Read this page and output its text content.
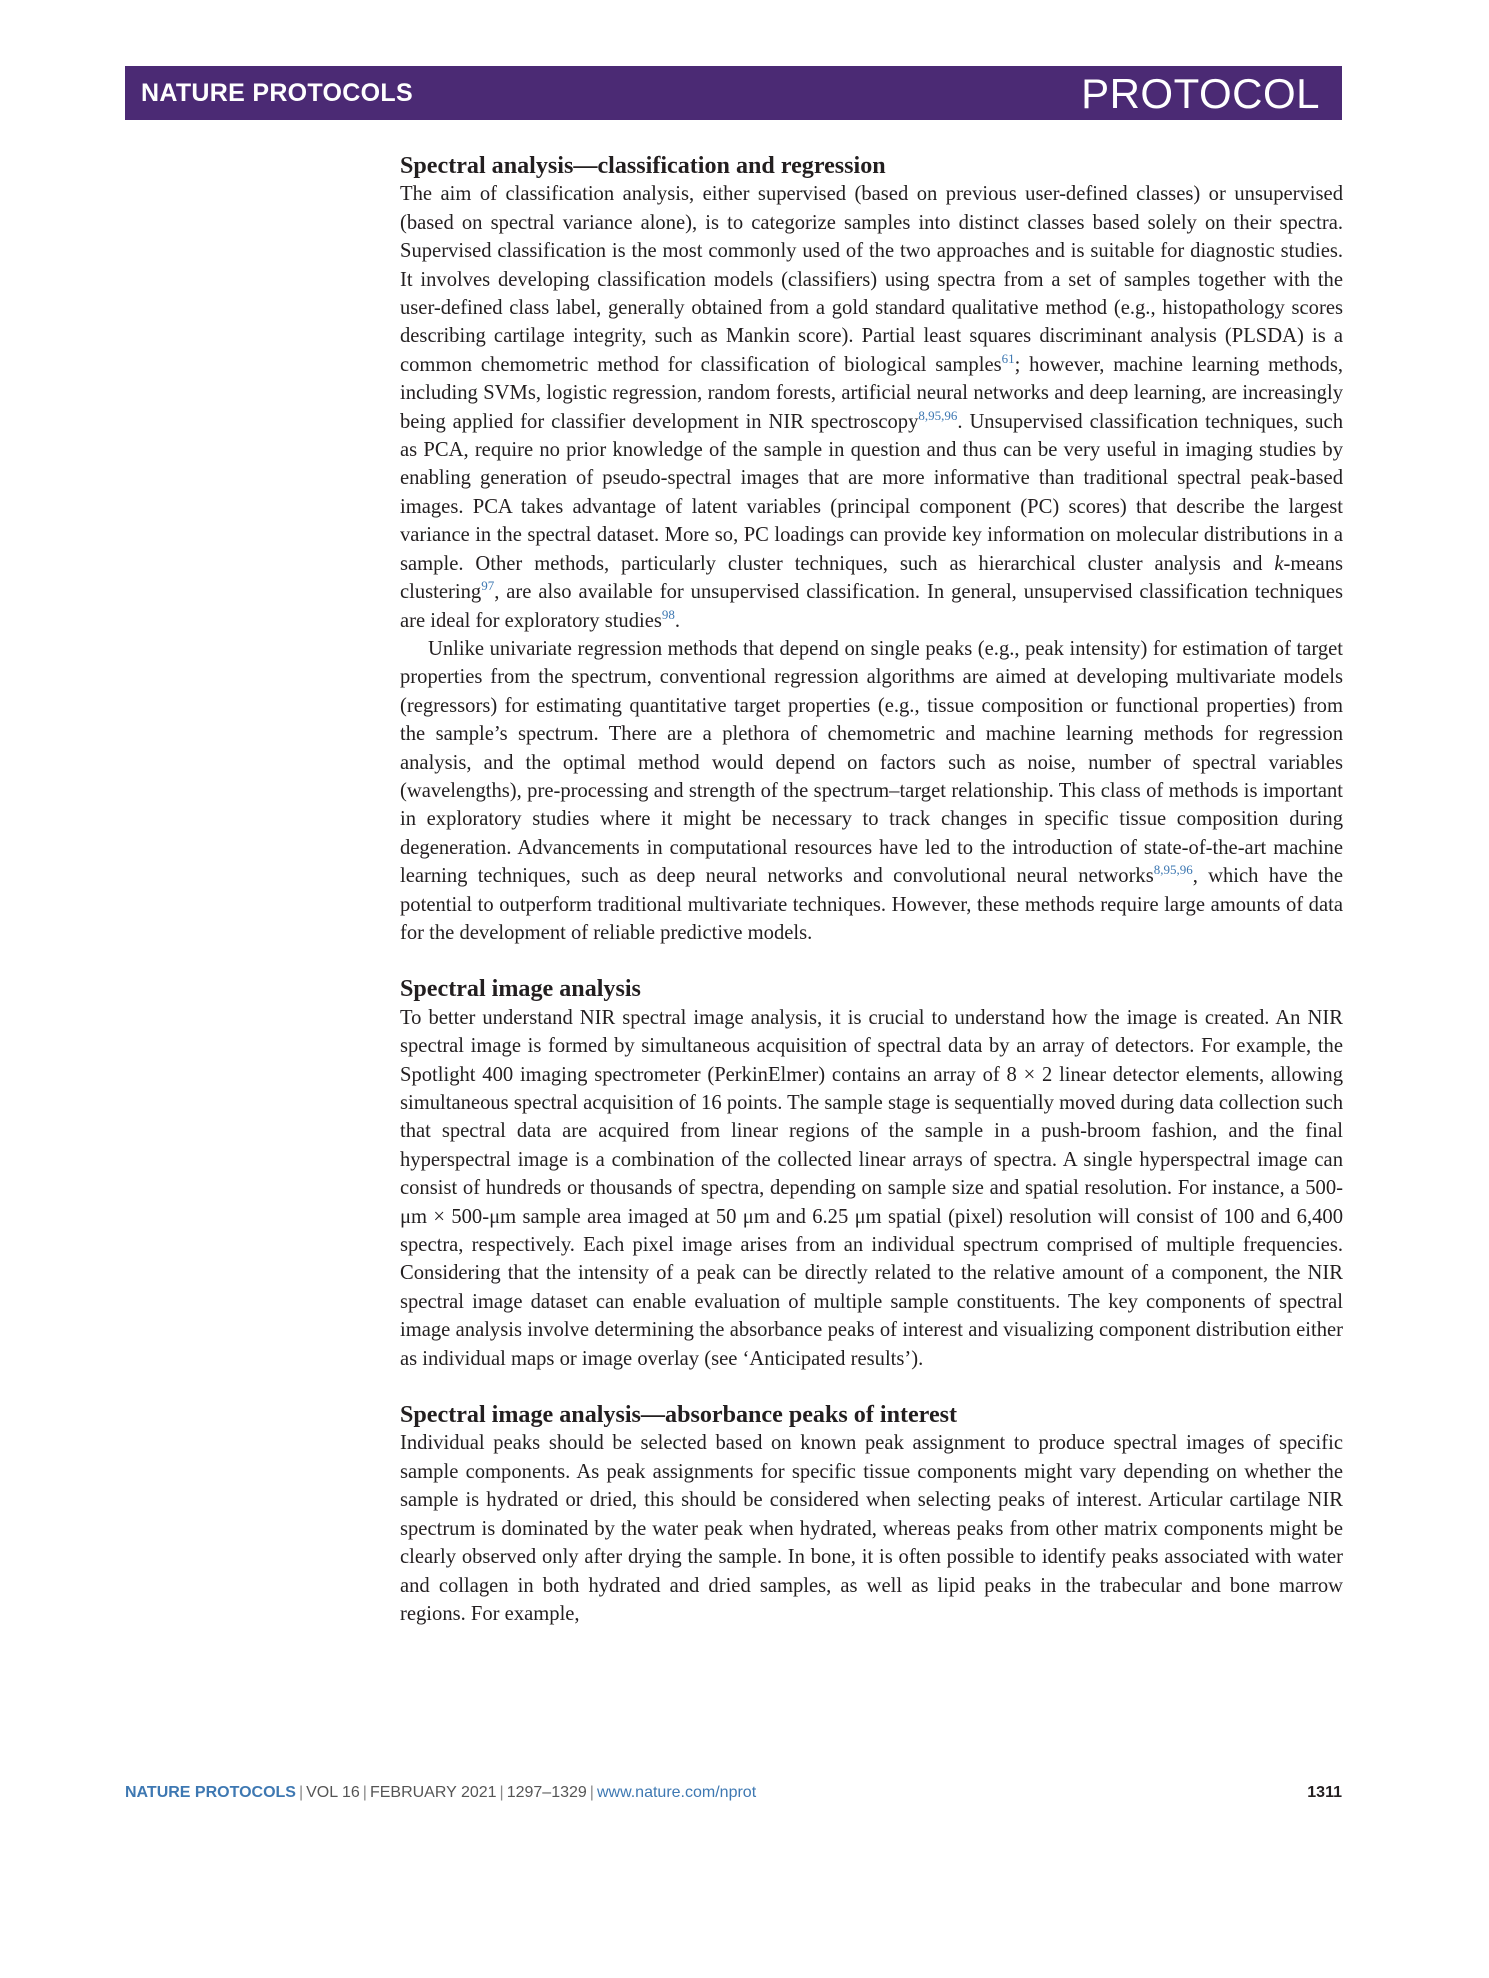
NATURE PROTOCOLS	PROTOCOL
Spectral analysis—classification and regression

The aim of classification analysis, either supervised (based on previous user-defined classes) or unsupervised (based on spectral variance alone), is to categorize samples into distinct classes based solely on their spectra. Supervised classification is the most commonly used of the two approaches and is suitable for diagnostic studies. It involves developing classification models (classifiers) using spectra from a set of samples together with the user-defined class label, generally obtained from a gold standard qualitative method (e.g., histopathology scores describing cartilage integrity, such as Mankin score). Partial least squares discriminant analysis (PLSDA) is a common chemometric method for classification of biological samples$^{61}$; however, machine learning methods, including SVMs, logistic regression, random forests, artificial neural networks and deep learning, are increasingly being applied for classifier development in NIR spectroscopy$^{8,95,96}$. Unsupervised classification techniques, such as PCA, require no prior knowledge of the sample in question and thus can be very useful in imaging studies by enabling generation of pseudo-spectral images that are more informative than traditional spectral peak-based images. PCA takes advantage of latent variables (principal component (PC) scores) that describe the largest variance in the spectral dataset. More so, PC loadings can provide key information on molecular distributions in a sample. Other methods, particularly cluster techniques, such as hierarchical cluster analysis and k-means clustering$^{97}$, are also available for unsupervised classification. In general, unsupervised classification techniques are ideal for exploratory studies$^{98}$.

Unlike univariate regression methods that depend on single peaks (e.g., peak intensity) for estimation of target properties from the spectrum, conventional regression algorithms are aimed at developing multivariate models (regressors) for estimating quantitative target properties (e.g., tissue composition or functional properties) from the sample’s spectrum. There are a plethora of chemometric and machine learning methods for regression analysis, and the optimal method would depend on factors such as noise, number of spectral variables (wavelengths), pre-processing and strength of the spectrum–target relationship. This class of methods is important in exploratory studies where it might be necessary to track changes in specific tissue composition during degeneration. Advancements in computational resources have led to the introduction of state-of-the-art machine learning techniques, such as deep neural networks and convolutional neural networks$^{8,95,96}$, which have the potential to outperform traditional multivariate techniques. However, these methods require large amounts of data for the development of reliable predictive models.

Spectral image analysis

To better understand NIR spectral image analysis, it is crucial to understand how the image is created. An NIR spectral image is formed by simultaneous acquisition of spectral data by an array of detectors. For example, the Spotlight 400 imaging spectrometer (PerkinElmer) contains an array of 8 × 2 linear detector elements, allowing simultaneous spectral acquisition of 16 points. The sample stage is sequentially moved during data collection such that spectral data are acquired from linear regions of the sample in a push-broom fashion, and the final hyperspectral image is a combination of the collected linear arrays of spectra. A single hyperspectral image can consist of hundreds or thousands of spectra, depending on sample size and spatial resolution. For instance, a 500-μm × 500-μm sample area imaged at 50 μm and 6.25 μm spatial (pixel) resolution will consist of 100 and 6,400 spectra, respectively. Each pixel image arises from an individual spectrum comprised of multiple frequencies. Considering that the intensity of a peak can be directly related to the relative amount of a component, the NIR spectral image dataset can enable evaluation of multiple sample constituents. The key components of spectral image analysis involve determining the absorbance peaks of interest and visualizing component distribution either as individual maps or image overlay (see ‘Anticipated results’).

Spectral image analysis—absorbance peaks of interest

Individual peaks should be selected based on known peak assignment to produce spectral images of specific sample components. As peak assignments for specific tissue components might vary depending on whether the sample is hydrated or dried, this should be considered when selecting peaks of interest. Articular cartilage NIR spectrum is dominated by the water peak when hydrated, whereas peaks from other matrix components might be clearly observed only after drying the sample. In bone, it is often possible to identify peaks associated with water and collagen in both hydrated and dried samples, as well as lipid peaks in the trabecular and bone marrow regions. For example,

NATURE PROTOCOLS | VOL 16 | FEBRUARY 2021 | 1297–1329 | www.nature.com/nprot	1311
